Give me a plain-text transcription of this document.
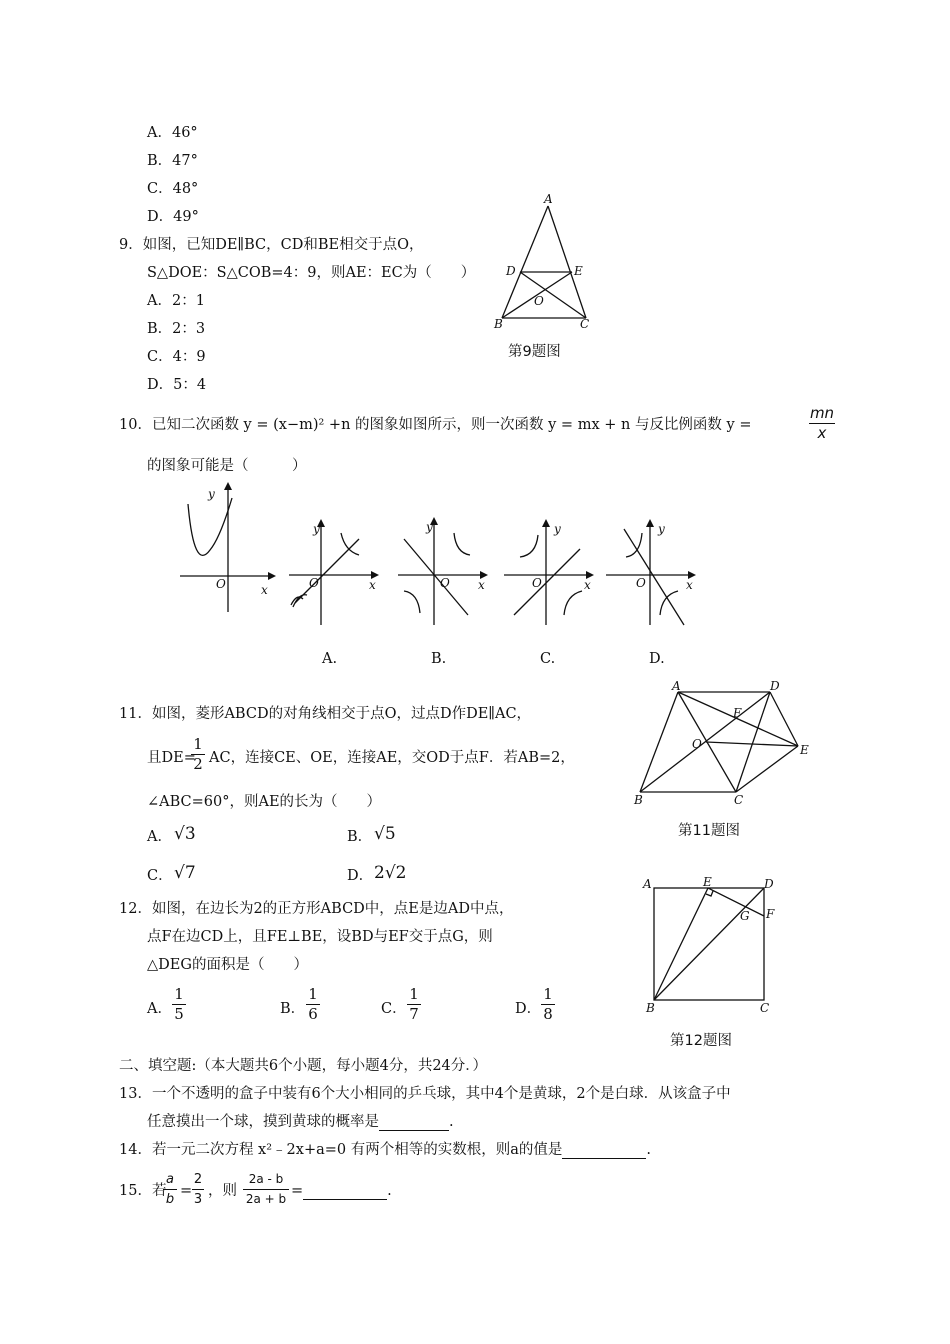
A．46°
B．47°
C．48°
D．49°
9．如图，已知DE∥BC，CD和BE相交于点O，
S△DOE：S△COB=4：9，则AE：EC为（　　）
A．2：1
B．2：3
C．4：9
D．5：4
A
D	E
O
B	C
第9题图
10．已知二次函数 y = (x−m)² +n 的图象如图所示，则一次函数 y = mx + n 与反比例函数 y =
mn
x
的图象可能是（　　　）
x
y
O	x
y
O	x
y
O	x
y
O	x
y
O
A.	B.	C.	D.
11．如图，菱形ABCD的对角线相交于点O，过点D作DE∥AC，
且DE=
1
2 AC，连接CE、OE，连接AE，交OD于点F．若AB=2，
∠ABC=60°，则AE的长为（　　）
A． √3	B． √5
C． √7	D． 2√2
A	D
F
O	E
B	C
第11题图
12．如图，在边长为2的正方形ABCD中，点E是边AD中点，
点F在边CD上，且FE⊥BE，设BD与EF交于点G，则
△DEG的面积是（　　）
A．
1
5	B．
1
6	C．
1
7	D．
1
8
A	E	D
G F
B	C
第12题图
二、填空题:（本大题共6个小题，每小题4分，共24分．）
13．一个不透明的盒子中装有6个大小相同的乒乓球，其中4个是黄球，2个是白球．从该盒子中
任意摸出一个球，摸到黄球的概率是	.
14．若一元二次方程 x²﹣2x+a=0 有两个相等的实数根，则a的值是	.
15．若
a
b
=
2
3
，则
2a - b
2a + b =	.
